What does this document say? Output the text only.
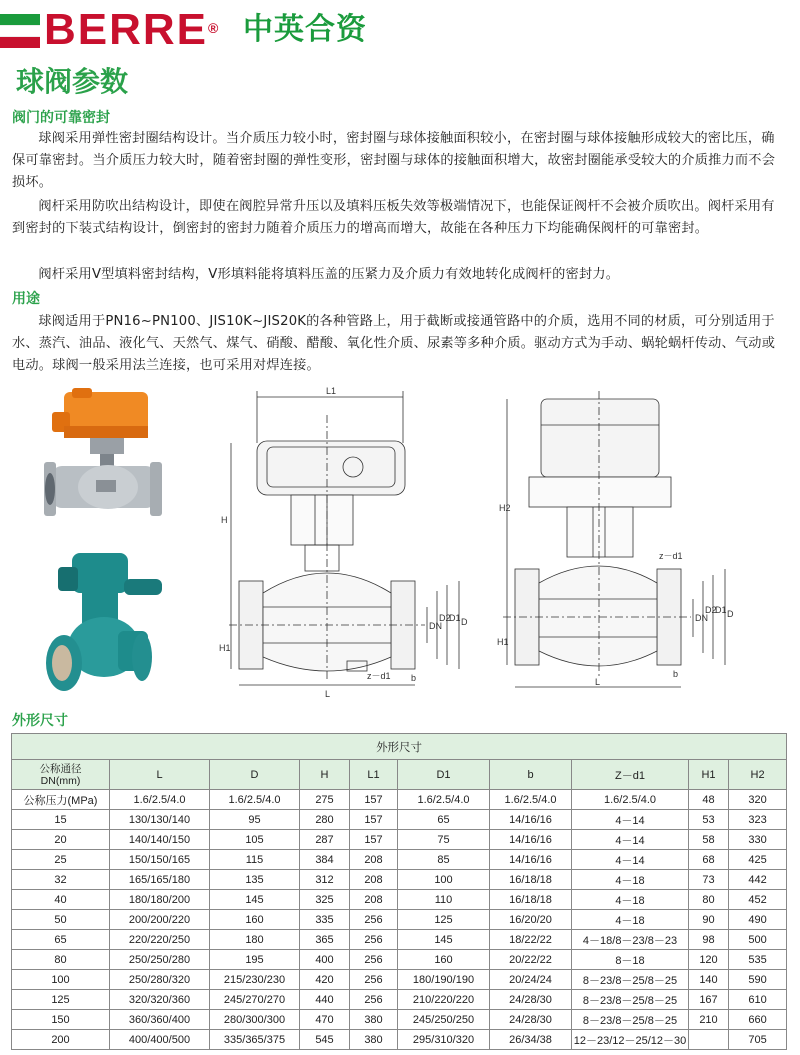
BERRE® 中英合资
球阀参数
阀门的可靠密封

球阀采用弹性密封圈结构设计。当介质压力较小时，密封圈与球体接触面积较小，在密封圈与球体接触形成较大的密比压，确保可靠密封。当介质压力较大时，随着密封圈的弹性变形，密封圈与球体的接触面积增大，故密封圈能承受较大的介质推力而不会损坏。

阀杆采用防吹出结构设计，即使在阀腔异常升压以及填料压板失效等极端情况下，也能保证阀杆不会被介质吹出。阀杆采用有到密封的下装式结构设计，倒密封的密封力随着介质压力的增高而增大，故能在各种压力下均能确保阀杆的可靠密封。

阀杆采用V型填料密封结构，V形填料能将填料压盖的压紧力及介质力有效地转化成阀杆的密封力。

用途

球阀适用于PN16~PN100、JIS10K~JIS20K的各种管路上，用于截断或接通管路中的介质，选用不同的材质，可分别适用于水、蒸汽、油品、液化气、天然气、煤气、硝酸、醋酸、氧化性介质、尿素等多种介质。驱动方式为手动、蜗轮蜗杆传动、气动或电动。球阀一般采用法兰连接，也可采用对焊连接。

L1
H
H1
L
z－d1 b
DN
D2
D1 D
H2
H1
L
z－d1
b
DN
D2
D1 D
外形尺寸
外形尺寸									
公称通径
DN(mm)	L	D	H	L1	D1	b	Z－d1	H1	H2
公称压力(MPa)	1.6/2.5/4.0	1.6/2.5/4.0	275	157	1.6/2.5/4.0	1.6/2.5/4.0	1.6/2.5/4.0	48	320
15	130/130/140	95	280	157	65	14/16/16	4－14	53	323
20	140/140/150	105	287	157	75	14/16/16	4－14	58	330
25	150/150/165	115	384	208	85	14/16/16	4－14	68	425
32	165/165/180	135	312	208	100	16/18/18	4－18	73	442
40	180/180/200	145	325	208	110	16/18/18	4－18	80	452
50	200/200/220	160	335	256	125	16/20/20	4－18	90	490
65	220/220/250	180	365	256	145	18/22/22	4－18/8－23/8－23	98	500
80	250/250/280	195	400	256	160	20/22/22	8－18	120	535
100	250/280/320	215/230/230	420	256	180/190/190	20/24/24	8－23/8－25/8－25	140	590
125	320/320/360	245/270/270	440	256	210/220/220	24/28/30	8－23/8－25/8－25	167	610
150	360/360/400	280/300/300	470	380	245/250/250	24/28/30	8－23/8－25/8－25	210	660
200	400/400/500	335/365/375	545	380	295/310/320	26/34/38	12－23/12－25/12－30		705
